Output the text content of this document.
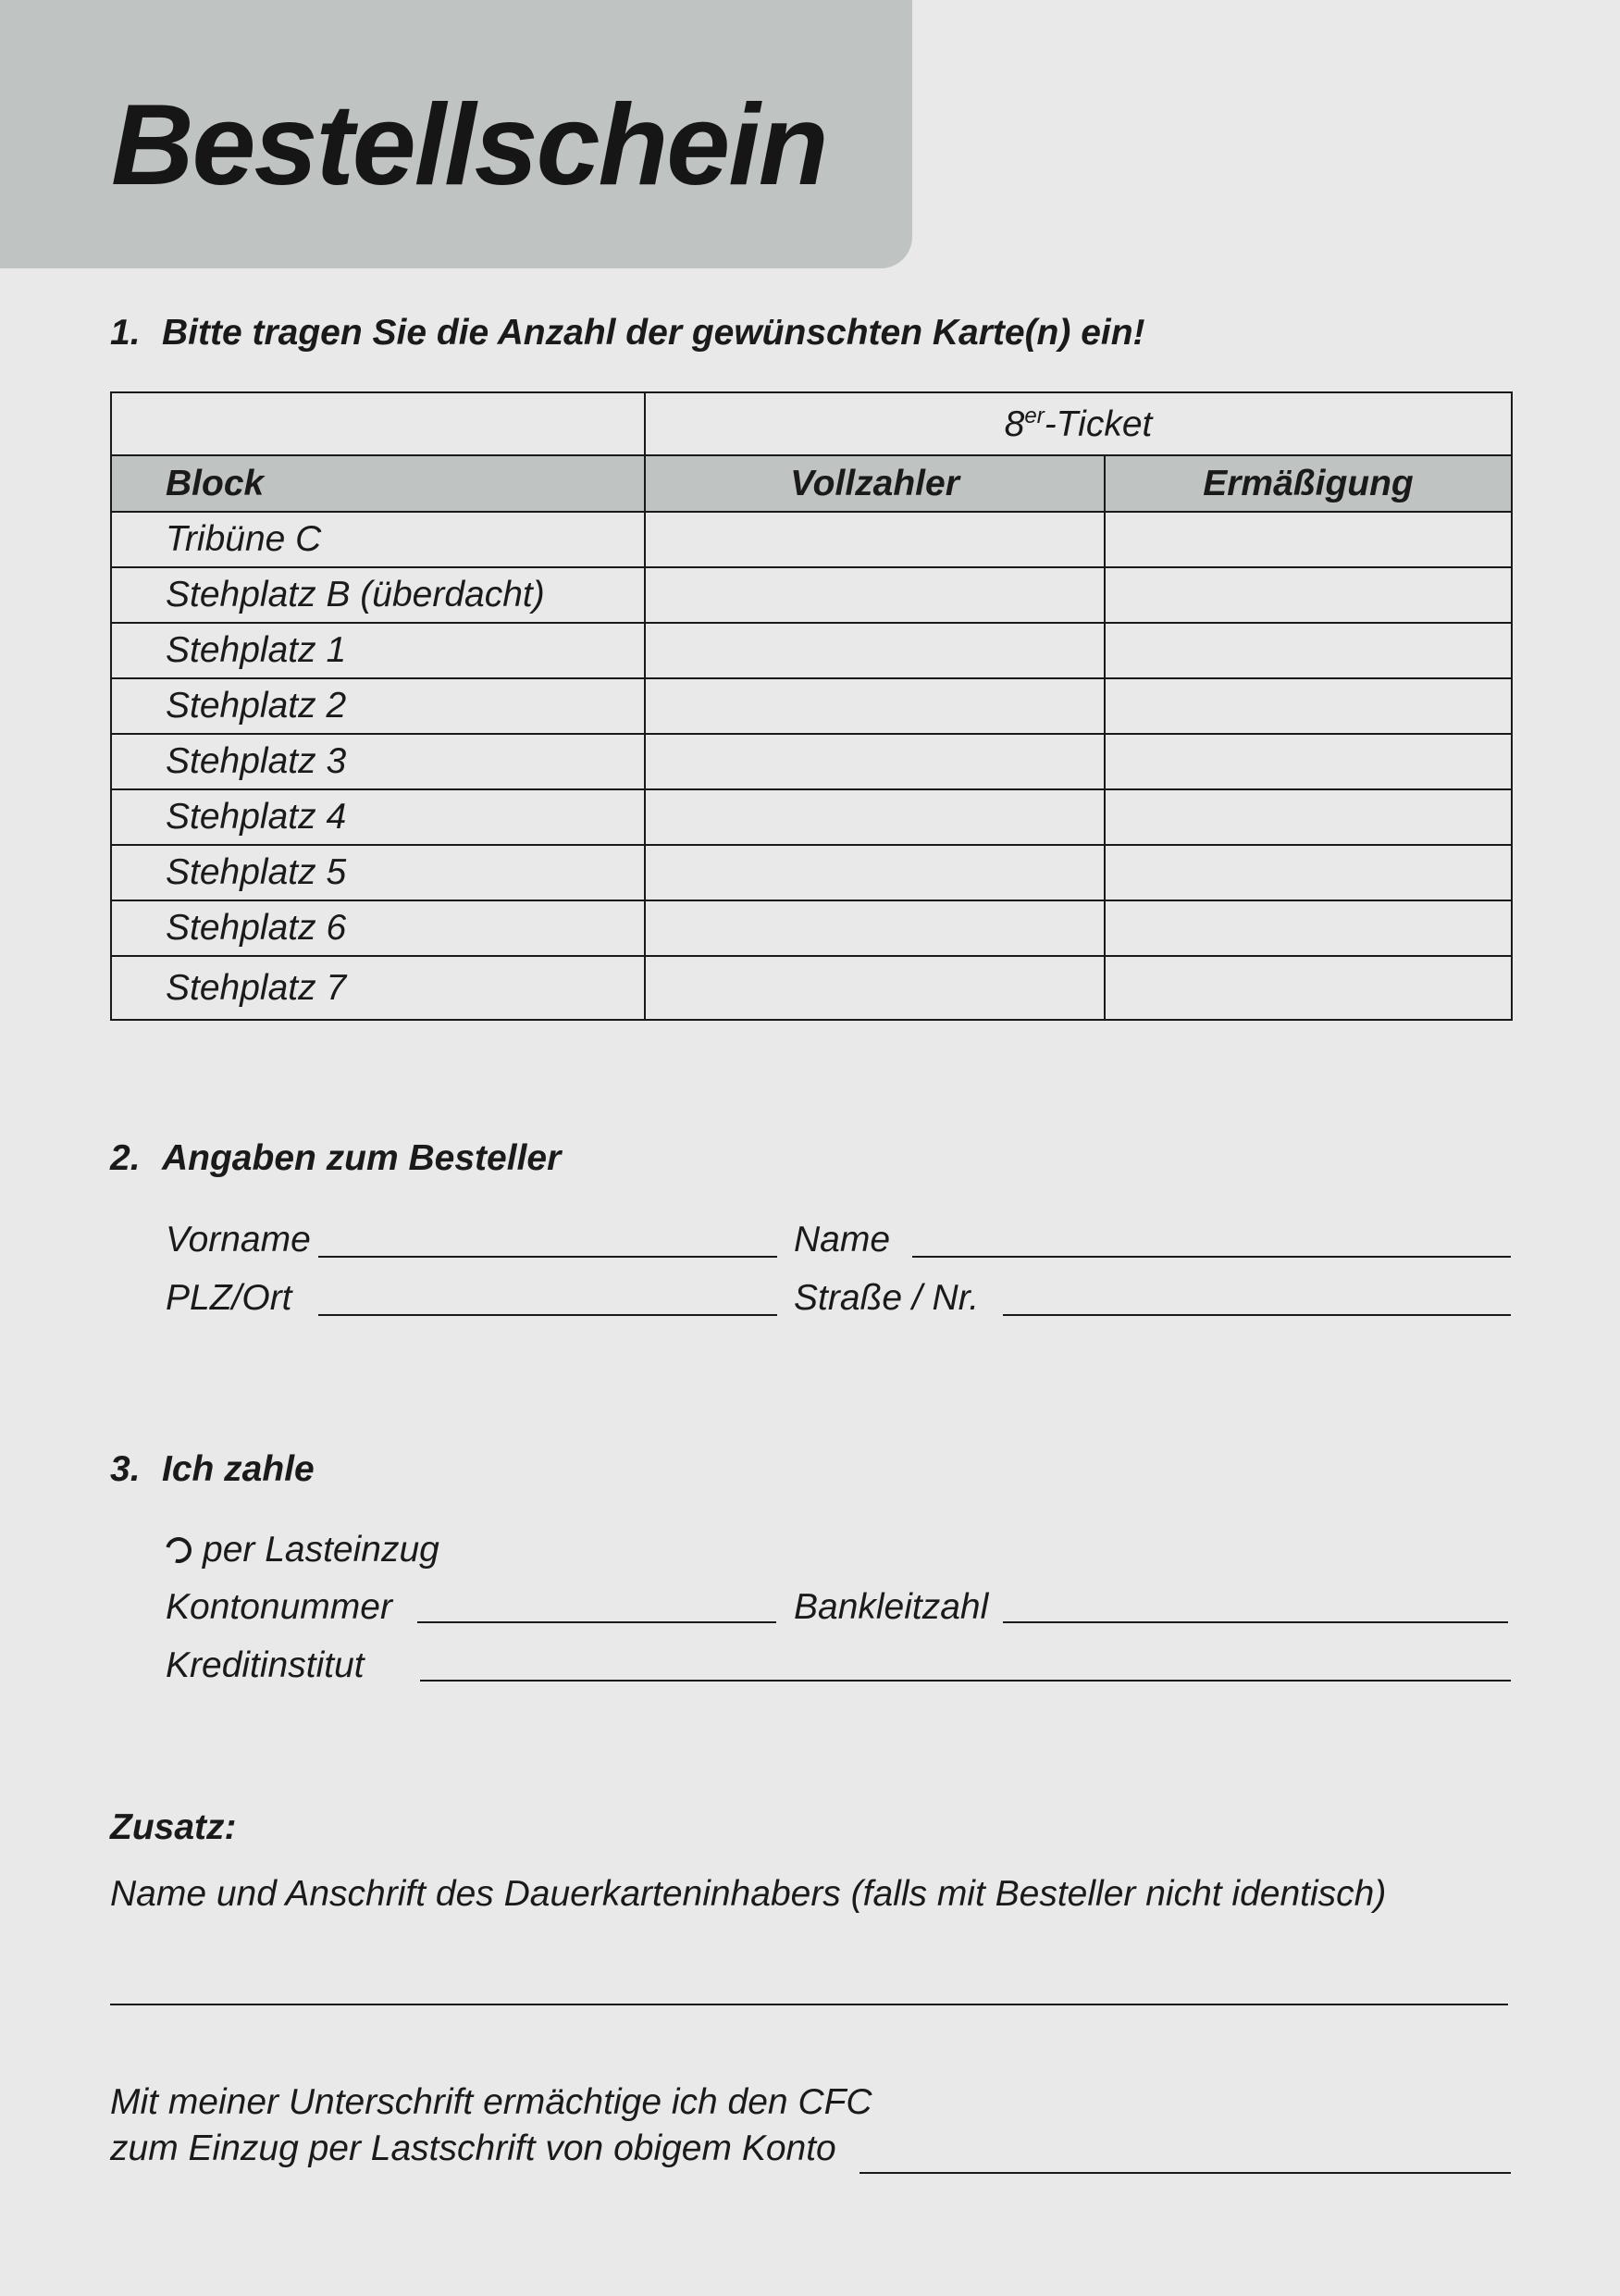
Bestellschein
1. Bitte tragen Sie die Anzahl der gewünschten Karte(n) ein!
	8er-Ticket	
Block	Vollzahler	Ermäßigung
Tribüne C		
Stehplatz B (überdacht)		
Stehplatz 1		
Stehplatz 2		
Stehplatz 3		
Stehplatz 4		
Stehplatz 5		
Stehplatz 6		
Stehplatz 7		
2. Angaben zum Besteller
Vorname	Name
PLZ/Ort	Straße / Nr.
3. Ich zahle
per Lasteinzug
Kontonummer	Bankleitzahl
Kreditinstitut
Zusatz:
Name und Anschrift des Dauerkarteninhabers (falls mit Besteller nicht identisch)
Mit meiner Unterschrift ermächtige ich den CFC
zum Einzug per Lastschrift von obigem Konto
